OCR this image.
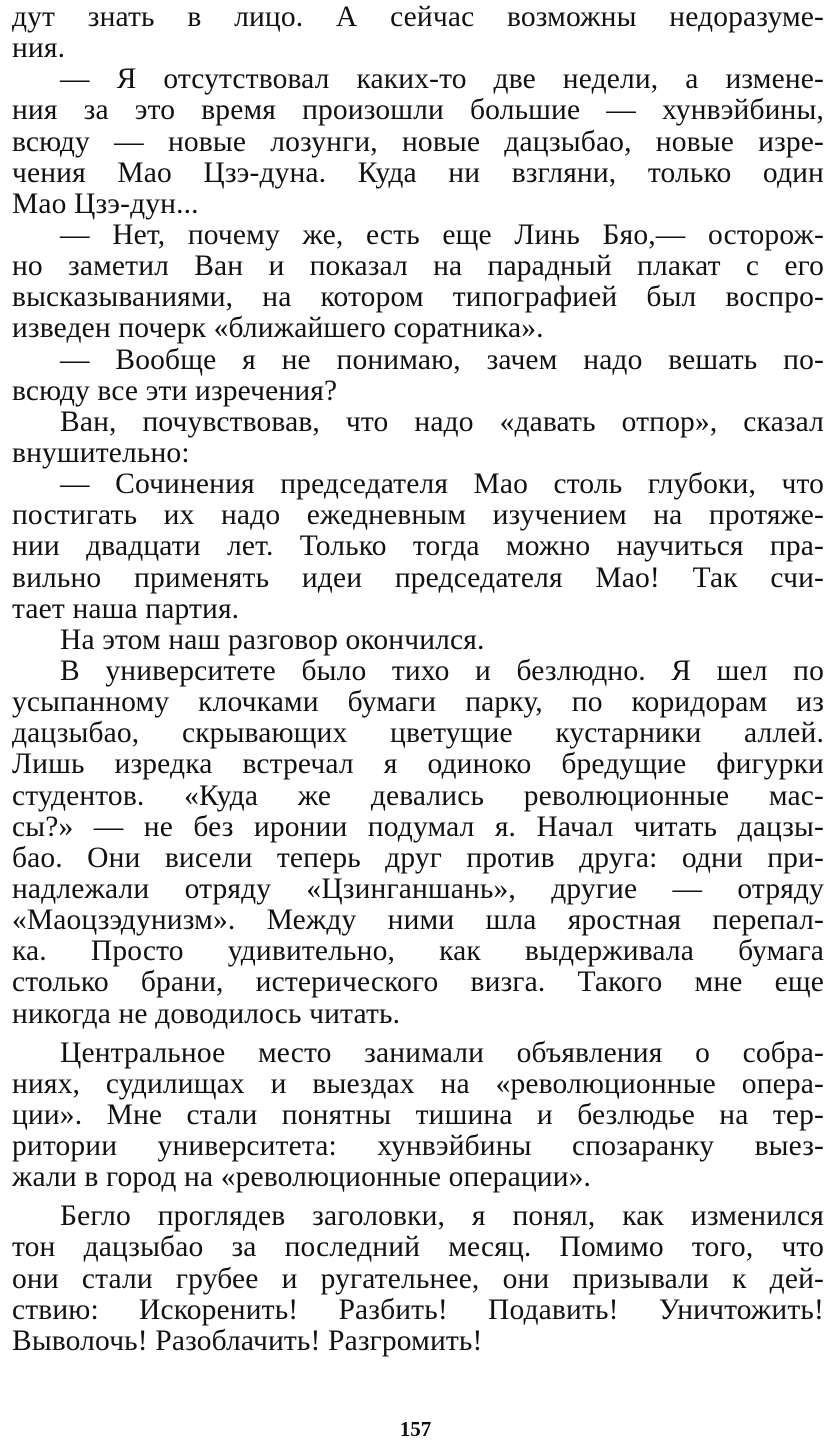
дут знать в лицо. А сейчас возможны недоразуме-
ния.
— Я отсутствовал каких-то две недели, а измене-
ния за это время произошли большие — хунвэйбины,
всюду — новые лозунги, новые дацзыбао, новые изре-
чения Мао Цзэ-дуна. Куда ни взгляни, только один
Мао Цзэ-дун...
— Нет, почему же, есть еще Линь Бяо,— осторож-
но заметил Ван и показал на парадный плакат с его
высказываниями, на котором типографией был воспро-
изведен почерк «ближайшего соратника».
— Вообще я не понимаю, зачем надо вешать по-
всюду все эти изречения?
Ван, почувствовав, что надо «давать отпор», сказал
внушительно:
— Сочинения председателя Мао столь глубоки, что
постигать их надо ежедневным изучением на протяже-
нии двадцати лет. Только тогда можно научиться пра-
вильно применять идеи председателя Мао! Так счи-
тает наша партия.
На этом наш разговор окончился.
В университете было тихо и безлюдно. Я шел по
усыпанному клочками бумаги парку, по коридорам из
дацзыбао, скрывающих цветущие кустарники аллей.
Лишь изредка встречал я одиноко бредущие фигурки
студентов. «Куда же девались революционные мас-
сы?» — не без иронии подумал я. Начал читать дацзы-
бао. Они висели теперь друг против друга: одни при-
надлежали отряду «Цзинганшань», другие — отряду
«Маоцзэдунизм». Между ними шла яростная перепал-
ка. Просто удивительно, как выдерживала бумага
столько брани, истерического визга. Такого мне еще
никогда не доводилось читать.
Центральное место занимали объявления о собра-
ниях, судилищах и выездах на «революционные опера-
ции». Мне стали понятны тишина и безлюдье на тер-
ритории университета: хунвэйбины спозаранку выез-
жали в город на «революционные операции».
Бегло проглядев заголовки, я понял, как изменился
тон дацзыбао за последний месяц. Помимо того, что
они стали грубее и ругательнее, они призывали к дей-
ствию: Искоренить! Разбить! Подавить! Уничтожить!
Выволочь! Разоблачить! Разгромить!
157
